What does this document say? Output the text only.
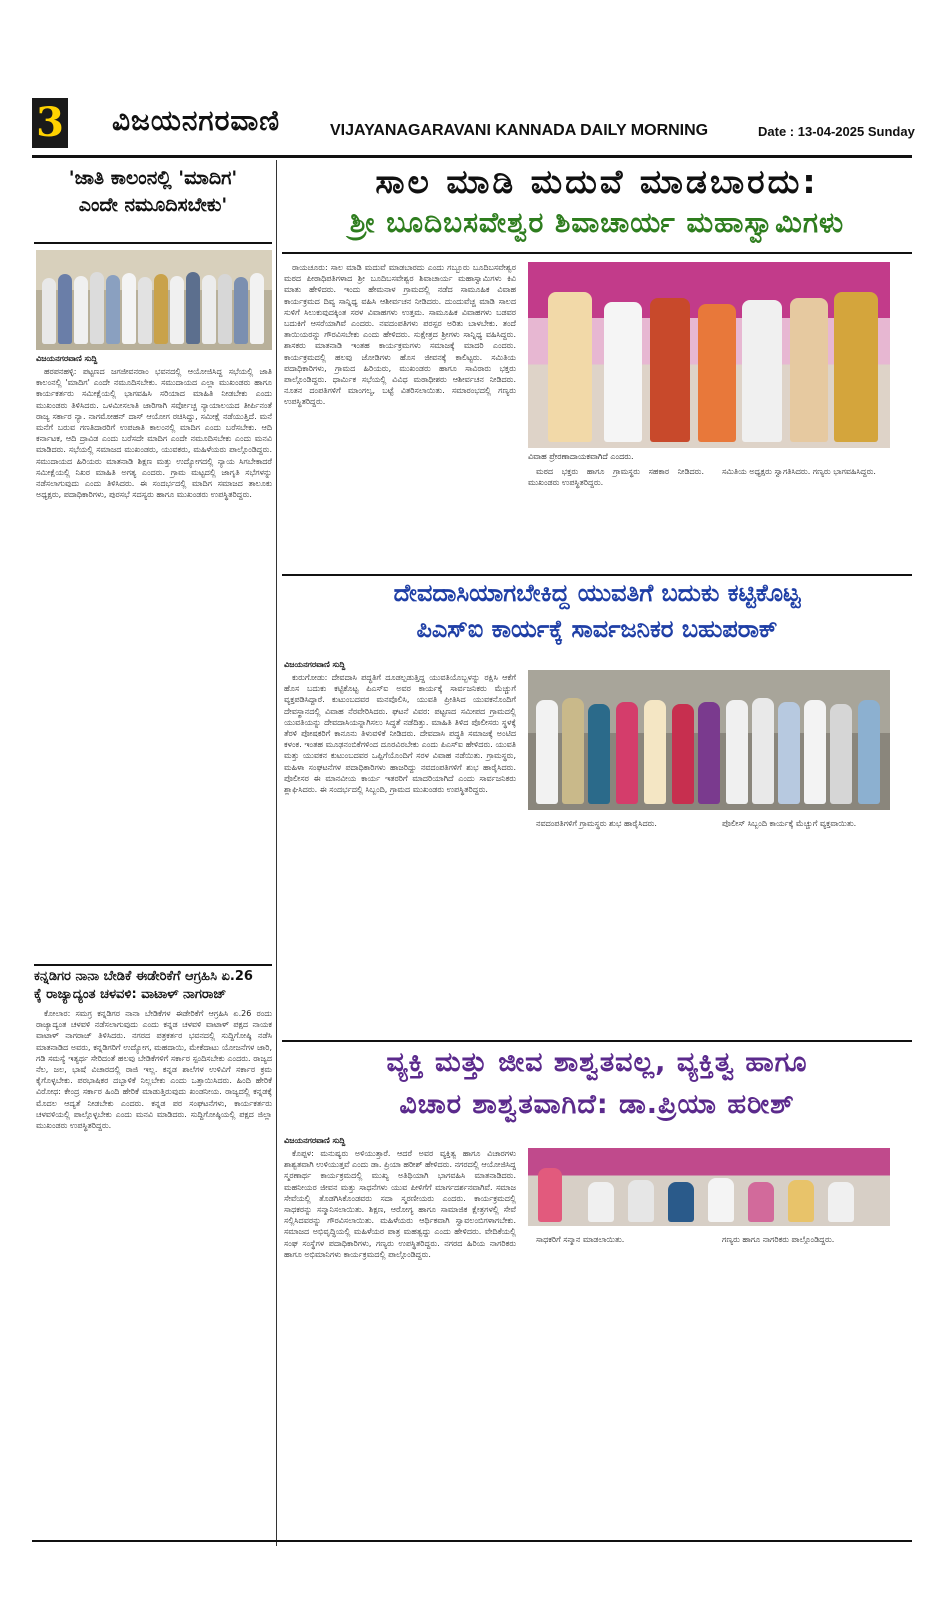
3 ವಿಜಯನಗರವಾಣಿ	VIJAYANAGARAVANI KANNADA DAILY MORNING	Date : 13-04-2025 Sunday
'ಜಾತಿ ಕಾಲಂನಲ್ಲಿ 'ಮಾದಿಗ'
ಎಂದೇ ನಮೂದಿಸಬೇಕು'
ವಿಜಯನಗರವಾಣಿ ಸುದ್ದಿ

ಹರಪನಹಳ್ಳಿ: ಪಟ್ಟಣದ ಜಗಜೀವನರಾಂ ಭವನದಲ್ಲಿ ಆಯೋಜಿಸಿದ್ದ ಸಭೆಯಲ್ಲಿ ಜಾತಿ ಕಾಲಂನಲ್ಲಿ 'ಮಾದಿಗ' ಎಂದೇ ನಮೂದಿಸಬೇಕು. ಸಮುದಾಯದ ಎಲ್ಲಾ ಮುಖಂಡರು ಹಾಗೂ ಕಾರ್ಯಕರ್ತರು ಸಮೀಕ್ಷೆಯಲ್ಲಿ ಭಾಗವಹಿಸಿ ಸರಿಯಾದ ಮಾಹಿತಿ ನೀಡಬೇಕು ಎಂದು ಮುಖಂಡರು ತಿಳಿಸಿದರು. ಒಳಮೀಸಲಾತಿ ಜಾರಿಗಾಗಿ ಸರ್ವೋಚ್ಚ ನ್ಯಾಯಾಲಯದ ತೀರ್ಪಿನಂತೆ ರಾಜ್ಯ ಸರ್ಕಾರ ನ್ಯಾ. ನಾಗಮೋಹನ್ ದಾಸ್ ಆಯೋಗ ರಚಿಸಿದ್ದು, ಸಮೀಕ್ಷೆ ನಡೆಯುತ್ತಿದೆ. ಮನೆ ಮನೆಗೆ ಬರುವ ಗಣತಿದಾರರಿಗೆ ಉಪಜಾತಿ ಕಾಲಂನಲ್ಲಿ ಮಾದಿಗ ಎಂದು ಬರೆಸಬೇಕು. ಆದಿ ಕರ್ನಾಟಕ, ಆದಿ ದ್ರಾವಿಡ ಎಂದು ಬರೆಸದೇ ಮಾದಿಗ ಎಂದೇ ನಮೂದಿಸಬೇಕು ಎಂದು ಮನವಿ ಮಾಡಿದರು. ಸಭೆಯಲ್ಲಿ ಸಮಾಜದ ಮುಖಂಡರು, ಯುವಕರು, ಮಹಿಳೆಯರು ಪಾಲ್ಗೊಂಡಿದ್ದರು. ಸಮುದಾಯದ ಹಿರಿಯರು ಮಾತನಾಡಿ ಶಿಕ್ಷಣ ಮತ್ತು ಉದ್ಯೋಗದಲ್ಲಿ ನ್ಯಾಯ ಸಿಗಬೇಕಾದರೆ ಸಮೀಕ್ಷೆಯಲ್ಲಿ ನಿಖರ ಮಾಹಿತಿ ಅಗತ್ಯ ಎಂದರು. ಗ್ರಾಮ ಮಟ್ಟದಲ್ಲಿ ಜಾಗೃತಿ ಸಭೆಗಳನ್ನು ನಡೆಸಲಾಗುವುದು ಎಂದು ತಿಳಿಸಿದರು. ಈ ಸಂದರ್ಭದಲ್ಲಿ ಮಾದಿಗ ಸಮಾಜದ ತಾಲೂಕು ಅಧ್ಯಕ್ಷರು, ಪದಾಧಿಕಾರಿಗಳು, ಪುರಸಭೆ ಸದಸ್ಯರು ಹಾಗೂ ಮುಖಂಡರು ಉಪಸ್ಥಿತರಿದ್ದರು.

ಕನ್ನಡಿಗರ ನಾನಾ ಬೇಡಿಕೆ ಈಡೇರಿಕೆಗೆ ಆಗ್ರಹಿಸಿ ಏ.26
ಕ್ಕೆ ರಾಜ್ಯಾದ್ಯಂತ ಚಳವಳಿ: ವಾಟಾಳ್ ನಾಗರಾಜ್

ಕೋಲಾರ: ಸಮಗ್ರ ಕನ್ನಡಿಗರ ನಾನಾ ಬೇಡಿಕೆಗಳ ಈಡೇರಿಕೆಗೆ ಆಗ್ರಹಿಸಿ ಏ.26 ರಂದು ರಾಜ್ಯಾದ್ಯಂತ ಚಳವಳಿ ನಡೆಸಲಾಗುವುದು ಎಂದು ಕನ್ನಡ ಚಳವಳಿ ವಾಟಾಳ್ ಪಕ್ಷದ ನಾಯಕ ವಾಟಾಳ್ ನಾಗರಾಜ್ ತಿಳಿಸಿದರು. ನಗರದ ಪತ್ರಕರ್ತರ ಭವನದಲ್ಲಿ ಸುದ್ದಿಗೋಷ್ಠಿ ನಡೆಸಿ ಮಾತನಾಡಿದ ಅವರು, ಕನ್ನಡಿಗರಿಗೆ ಉದ್ಯೋಗ, ಮಹದಾಯಿ, ಮೇಕೆದಾಟು ಯೋಜನೆಗಳ ಜಾರಿ, ಗಡಿ ಸಮಸ್ಯೆ ಇತ್ಯರ್ಥ ಸೇರಿದಂತೆ ಹಲವು ಬೇಡಿಕೆಗಳಿಗೆ ಸರ್ಕಾರ ಸ್ಪಂದಿಸಬೇಕು ಎಂದರು. ರಾಜ್ಯದ ನೆಲ, ಜಲ, ಭಾಷೆ ವಿಚಾರದಲ್ಲಿ ರಾಜಿ ಇಲ್ಲ. ಕನ್ನಡ ಶಾಲೆಗಳ ಉಳಿವಿಗೆ ಸರ್ಕಾರ ಕ್ರಮ ಕೈಗೊಳ್ಳಬೇಕು. ಪರಭಾಷಿಕರ ದಬ್ಬಾಳಿಕೆ ನಿಲ್ಲಬೇಕು ಎಂದು ಒತ್ತಾಯಿಸಿದರು. ಹಿಂದಿ ಹೇರಿಕೆ ವಿರೋಧ: ಕೇಂದ್ರ ಸರ್ಕಾರ ಹಿಂದಿ ಹೇರಿಕೆ ಮಾಡುತ್ತಿರುವುದು ಖಂಡನೀಯ. ರಾಜ್ಯದಲ್ಲಿ ಕನ್ನಡಕ್ಕೆ ಮೊದಲ ಆದ್ಯತೆ ನೀಡಬೇಕು ಎಂದರು. ಕನ್ನಡ ಪರ ಸಂಘಟನೆಗಳು, ಕಾರ್ಯಕರ್ತರು ಚಳವಳಿಯಲ್ಲಿ ಪಾಲ್ಗೊಳ್ಳಬೇಕು ಎಂದು ಮನವಿ ಮಾಡಿದರು. ಸುದ್ದಿಗೋಷ್ಠಿಯಲ್ಲಿ ಪಕ್ಷದ ಜಿಲ್ಲಾ ಮುಖಂಡರು ಉಪಸ್ಥಿತರಿದ್ದರು.

ಸಾಲ ಮಾಡಿ ಮದುವೆ ಮಾಡಬಾರದು:
ಶ್ರೀ ಬೂದಿಬಸವೇಶ್ವರ ಶಿವಾಚಾರ್ಯ ಮಹಾಸ್ವಾಮಿಗಳು

ರಾಯಚೂರು: ಸಾಲ ಮಾಡಿ ಮದುವೆ ಮಾಡಬಾರದು ಎಂದು ಗಬ್ಬೂರು ಬೂದಿಬಸವೇಶ್ವರ ಮಠದ ಪೀಠಾಧಿಪತಿಗಳಾದ ಶ್ರೀ ಬೂದಿಬಸವೇಶ್ವರ ಶಿವಾಚಾರ್ಯ ಮಹಾಸ್ವಾಮಿಗಳು ಕಿವಿ ಮಾತು ಹೇಳಿದರು. ಇಂದು ಹೇಮನಾಳ ಗ್ರಾಮದಲ್ಲಿ ನಡೆದ ಸಾಮೂಹಿಕ ವಿವಾಹ ಕಾರ್ಯಕ್ರಮದ ದಿವ್ಯ ಸಾನ್ನಿಧ್ಯ ವಹಿಸಿ ಆಶೀರ್ವಚನ ನೀಡಿದರು. ದುಂದುವೆಚ್ಚ ಮಾಡಿ ಸಾಲದ ಸುಳಿಗೆ ಸಿಲುಕುವುದಕ್ಕಿಂತ ಸರಳ ವಿವಾಹಗಳು ಉತ್ತಮ. ಸಾಮೂಹಿಕ ವಿವಾಹಗಳು ಬಡವರ ಬದುಕಿಗೆ ಆಸರೆಯಾಗಿವೆ ಎಂದರು. ನವದಂಪತಿಗಳು ಪರಸ್ಪರ ಅರಿತು ಬಾಳಬೇಕು. ತಂದೆ ತಾಯಿಯರನ್ನು ಗೌರವಿಸಬೇಕು ಎಂದು ಹೇಳಿದರು. ಸುಕ್ಷೇತ್ರದ ಶ್ರೀಗಳು ಸಾನ್ನಿಧ್ಯ ವಹಿಸಿದ್ದರು. ಶಾಸಕರು ಮಾತನಾಡಿ ಇಂತಹ ಕಾರ್ಯಕ್ರಮಗಳು ಸಮಾಜಕ್ಕೆ ಮಾದರಿ ಎಂದರು. ಕಾರ್ಯಕ್ರಮದಲ್ಲಿ ಹಲವು ಜೋಡಿಗಳು ಹೊಸ ಜೀವನಕ್ಕೆ ಕಾಲಿಟ್ಟರು. ಸಮಿತಿಯ ಪದಾಧಿಕಾರಿಗಳು, ಗ್ರಾಮದ ಹಿರಿಯರು, ಮುಖಂಡರು ಹಾಗೂ ಸಾವಿರಾರು ಭಕ್ತರು ಪಾಲ್ಗೊಂಡಿದ್ದರು. ಧಾರ್ಮಿಕ ಸಭೆಯಲ್ಲಿ ವಿವಿಧ ಮಠಾಧೀಶರು ಆಶೀರ್ವಚನ ನೀಡಿದರು. ನೂತನ ದಂಪತಿಗಳಿಗೆ ಮಾಂಗಲ್ಯ, ಬಟ್ಟೆ ವಿತರಿಸಲಾಯಿತು. ಸಮಾರಂಭದಲ್ಲಿ ಗಣ್ಯರು ಉಪಸ್ಥಿತರಿದ್ದರು.

ವಿವಾಹ ಪ್ರೇರಣಾದಾಯಕವಾಗಿದೆ ಎಂದರು.

ಮಠದ ಭಕ್ತರು ಹಾಗೂ ಗ್ರಾಮಸ್ಥರು ಸಹಕಾರ ನೀಡಿದರು. ಮುಖಂಡರು ಉಪಸ್ಥಿತರಿದ್ದರು.

ಸಮಿತಿಯ ಅಧ್ಯಕ್ಷರು ಸ್ವಾಗತಿಸಿದರು. ಗಣ್ಯರು ಭಾಗವಹಿಸಿದ್ದರು.

ದೇವದಾಸಿಯಾಗಬೇಕಿದ್ದ ಯುವತಿಗೆ ಬದುಕು ಕಟ್ಟಿಕೊಟ್ಟ
ಪಿಎಸ್ಐ ಕಾರ್ಯಕ್ಕೆ ಸಾರ್ವಜನಿಕರ ಬಹುಪರಾಕ್
ವಿಜಯನಗರವಾಣಿ ಸುದ್ದಿ

ಕುರುಗೋಡು: ದೇವದಾಸಿ ಪದ್ಧತಿಗೆ ದೂಡಲ್ಪಡುತ್ತಿದ್ದ ಯುವತಿಯೊಬ್ಬಳನ್ನು ರಕ್ಷಿಸಿ ಆಕೆಗೆ ಹೊಸ ಬದುಕು ಕಟ್ಟಿಕೊಟ್ಟ ಪಿಎಸ್ಐ ಅವರ ಕಾರ್ಯಕ್ಕೆ ಸಾರ್ವಜನಿಕರು ಮೆಚ್ಚುಗೆ ವ್ಯಕ್ತಪಡಿಸಿದ್ದಾರೆ. ಕುಟುಂಬದವರ ಮನವೊಲಿಸಿ, ಯುವತಿ ಪ್ರೀತಿಸಿದ ಯುವಕನೊಂದಿಗೆ ದೇವಸ್ಥಾನದಲ್ಲಿ ವಿವಾಹ ನೆರವೇರಿಸಿದರು. ಘಟನೆ ವಿವರ: ಪಟ್ಟಣದ ಸಮೀಪದ ಗ್ರಾಮದಲ್ಲಿ ಯುವತಿಯನ್ನು ದೇವದಾಸಿಯನ್ನಾಗಿಸಲು ಸಿದ್ಧತೆ ನಡೆದಿತ್ತು. ಮಾಹಿತಿ ತಿಳಿದ ಪೊಲೀಸರು ಸ್ಥಳಕ್ಕೆ ತೆರಳಿ ಪೋಷಕರಿಗೆ ಕಾನೂನು ತಿಳುವಳಿಕೆ ನೀಡಿದರು. ದೇವದಾಸಿ ಪದ್ಧತಿ ಸಮಾಜಕ್ಕೆ ಅಂಟಿದ ಕಳಂಕ. ಇಂತಹ ಮೂಢನಂಬಿಕೆಗಳಿಂದ ದೂರವಿರಬೇಕು ಎಂದು ಪಿಎಸ್ಐ ಹೇಳಿದರು. ಯುವತಿ ಮತ್ತು ಯುವಕನ ಕುಟುಂಬದವರ ಒಪ್ಪಿಗೆಯೊಂದಿಗೆ ಸರಳ ವಿವಾಹ ನಡೆಯಿತು. ಗ್ರಾಮಸ್ಥರು, ಮಹಿಳಾ ಸಂಘಟನೆಗಳ ಪದಾಧಿಕಾರಿಗಳು ಹಾಜರಿದ್ದು ನವದಂಪತಿಗಳಿಗೆ ಶುಭ ಹಾರೈಸಿದರು. ಪೊಲೀಸರ ಈ ಮಾನವೀಯ ಕಾರ್ಯ ಇತರರಿಗೆ ಮಾದರಿಯಾಗಿದೆ ಎಂದು ಸಾರ್ವಜನಿಕರು ಶ್ಲಾಘಿಸಿದರು. ಈ ಸಂದರ್ಭದಲ್ಲಿ ಸಿಬ್ಬಂದಿ, ಗ್ರಾಮದ ಮುಖಂಡರು ಉಪಸ್ಥಿತರಿದ್ದರು.

ನವದಂಪತಿಗಳಿಗೆ ಗ್ರಾಮಸ್ಥರು ಶುಭ ಹಾರೈಸಿದರು.	ಪೊಲೀಸ್ ಸಿಬ್ಬಂದಿ ಕಾರ್ಯಕ್ಕೆ ಮೆಚ್ಚುಗೆ ವ್ಯಕ್ತವಾಯಿತು.

ವ್ಯಕ್ತಿ ಮತ್ತು ಜೀವ ಶಾಶ್ವತವಲ್ಲ, ವ್ಯಕ್ತಿತ್ವ ಹಾಗೂ
ವಿಚಾರ ಶಾಶ್ವತವಾಗಿದೆ: ಡಾ.ಪ್ರಿಯಾ ಹರೀಶ್
ವಿಜಯನಗರವಾಣಿ ಸುದ್ದಿ

ಕೊಪ್ಪಳ: ಮನುಷ್ಯರು ಅಳಿಯುತ್ತಾರೆ. ಆದರೆ ಅವರ ವ್ಯಕ್ತಿತ್ವ ಹಾಗೂ ವಿಚಾರಗಳು ಶಾಶ್ವತವಾಗಿ ಉಳಿಯುತ್ತವೆ ಎಂದು ಡಾ. ಪ್ರಿಯಾ ಹರೀಶ್ ಹೇಳಿದರು. ನಗರದಲ್ಲಿ ಆಯೋಜಿಸಿದ್ದ ಸ್ಮರಣಾರ್ಥ ಕಾರ್ಯಕ್ರಮದಲ್ಲಿ ಮುಖ್ಯ ಅತಿಥಿಯಾಗಿ ಭಾಗವಹಿಸಿ ಮಾತನಾಡಿದರು. ಮಹನೀಯರ ಜೀವನ ಮತ್ತು ಸಾಧನೆಗಳು ಯುವ ಪೀಳಿಗೆಗೆ ಮಾರ್ಗದರ್ಶನವಾಗಿವೆ. ಸಮಾಜ ಸೇವೆಯಲ್ಲಿ ತೊಡಗಿಸಿಕೊಂಡವರು ಸದಾ ಸ್ಮರಣೀಯರು ಎಂದರು. ಕಾರ್ಯಕ್ರಮದಲ್ಲಿ ಸಾಧಕರನ್ನು ಸನ್ಮಾನಿಸಲಾಯಿತು. ಶಿಕ್ಷಣ, ಆರೋಗ್ಯ ಹಾಗೂ ಸಾಮಾಜಿಕ ಕ್ಷೇತ್ರಗಳಲ್ಲಿ ಸೇವೆ ಸಲ್ಲಿಸಿದವರನ್ನು ಗೌರವಿಸಲಾಯಿತು. ಮಹಿಳೆಯರು ಆರ್ಥಿಕವಾಗಿ ಸ್ವಾವಲಂಬಿಗಳಾಗಬೇಕು. ಸಮಾಜದ ಅಭಿವೃದ್ಧಿಯಲ್ಲಿ ಮಹಿಳೆಯರ ಪಾತ್ರ ಮಹತ್ವದ್ದು ಎಂದು ಹೇಳಿದರು. ವೇದಿಕೆಯಲ್ಲಿ ಸಂಘ ಸಂಸ್ಥೆಗಳ ಪದಾಧಿಕಾರಿಗಳು, ಗಣ್ಯರು ಉಪಸ್ಥಿತರಿದ್ದರು. ನಗರದ ಹಿರಿಯ ನಾಗರಿಕರು ಹಾಗೂ ಅಭಿಮಾನಿಗಳು ಕಾರ್ಯಕ್ರಮದಲ್ಲಿ ಪಾಲ್ಗೊಂಡಿದ್ದರು.

ಸಾಧಕರಿಗೆ ಸನ್ಮಾನ ಮಾಡಲಾಯಿತು.	ಗಣ್ಯರು ಹಾಗೂ ನಾಗರಿಕರು ಪಾಲ್ಗೊಂಡಿದ್ದರು.
